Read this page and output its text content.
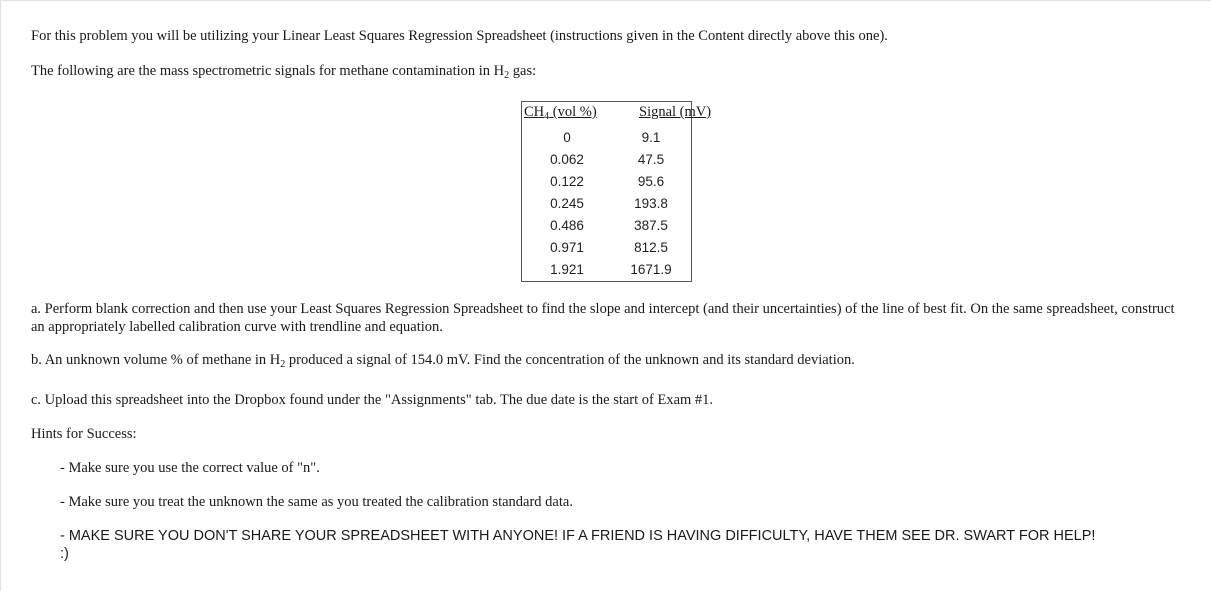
For this problem you will be utilizing your Linear Least Squares Regression Spreadsheet (instructions given in the Content directly above this one).

The following are the mass spectrometric signals for methane contamination in $H_2$ gas:

$CH_4$ (vol %)	Signal (mV)
0	9.1
0.062	47.5
0.122	95.6
0.245	193.8
0.486	387.5
0.971	812.5
1.921	1671.9

a. Perform blank correction and then use your Least Squares Regression Spreadsheet to find the slope and intercept (and their uncertainties) of the line of best fit. On the same spreadsheet, construct an appropriately labelled calibration curve with trendline and equation.

b. An unknown volume % of methane in $H_2$ produced a signal of 154.0 mV. Find the concentration of the unknown and its standard deviation.

c. Upload this spreadsheet into the Dropbox found under the "Assignments" tab. The due date is the start of Exam #1.

Hints for Success:

- Make sure you use the correct value of "n".

- Make sure you treat the unknown the same as you treated the calibration standard data.

- MAKE SURE YOU DON'T SHARE YOUR SPREADSHEET WITH ANYONE! IF A FRIEND IS HAVING DIFFICULTY, HAVE THEM SEE DR. SWART FOR HELP!

:)
